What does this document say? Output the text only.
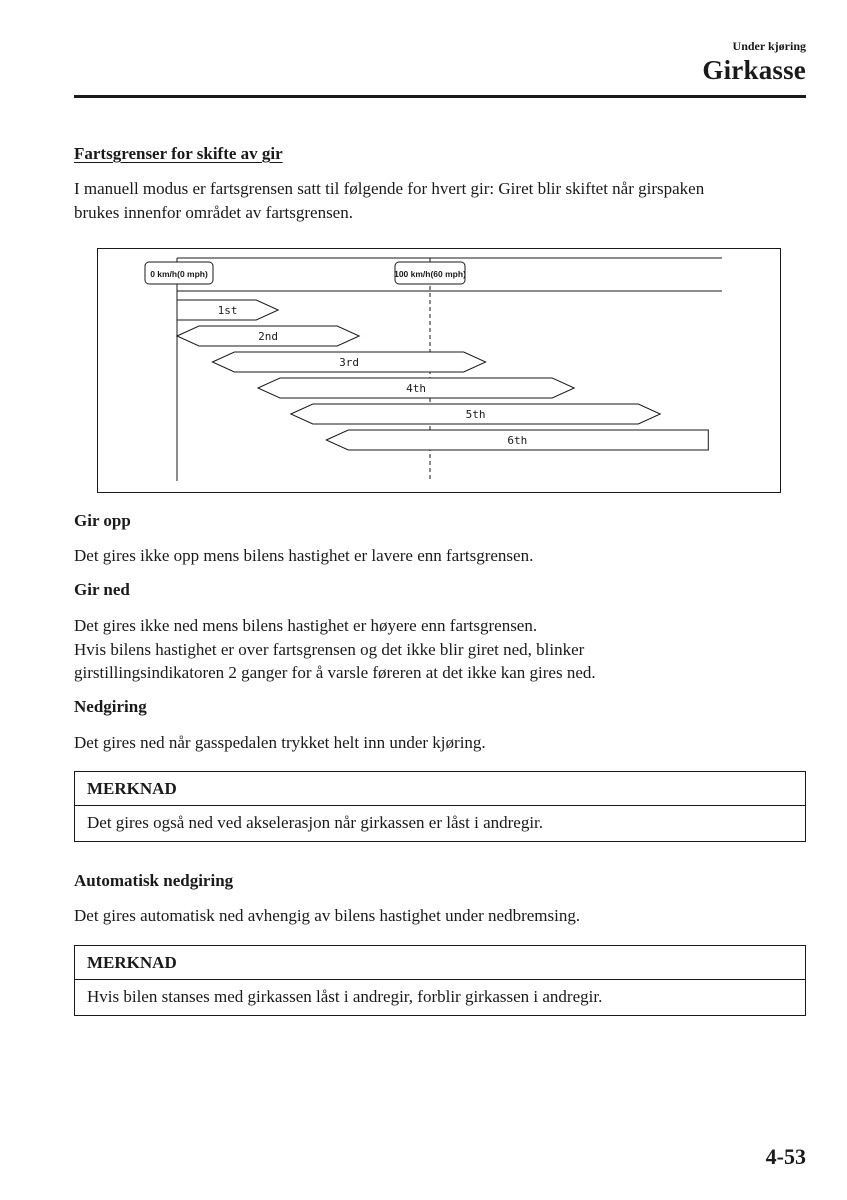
Under kjøring
Girkasse
Fartsgrenser for skifte av gir
I manuell modus er fartsgrensen satt til følgende for hvert gir: Giret blir skiftet når girspaken
brukes innenfor området av fartsgrensen.
0 km/h(0 mph)	100 km/h(60 mph)
1st
2nd
3rd
4th
5th
6th
Gir opp
Det gires ikke opp mens bilens hastighet er lavere enn fartsgrensen.
Gir ned
Det gires ikke ned mens bilens hastighet er høyere enn fartsgrensen.
Hvis bilens hastighet er over fartsgrensen og det ikke blir giret ned, blinker
girstillingsindikatoren 2 ganger for å varsle føreren at det ikke kan gires ned.
Nedgiring
Det gires ned når gasspedalen trykket helt inn under kjøring.
MERKNAD
Det gires også ned ved akselerasjon når girkassen er låst i andregir.
Automatisk nedgiring
Det gires automatisk ned avhengig av bilens hastighet under nedbremsing.
MERKNAD
Hvis bilen stanses med girkassen låst i andregir, forblir girkassen i andregir.
4-53
